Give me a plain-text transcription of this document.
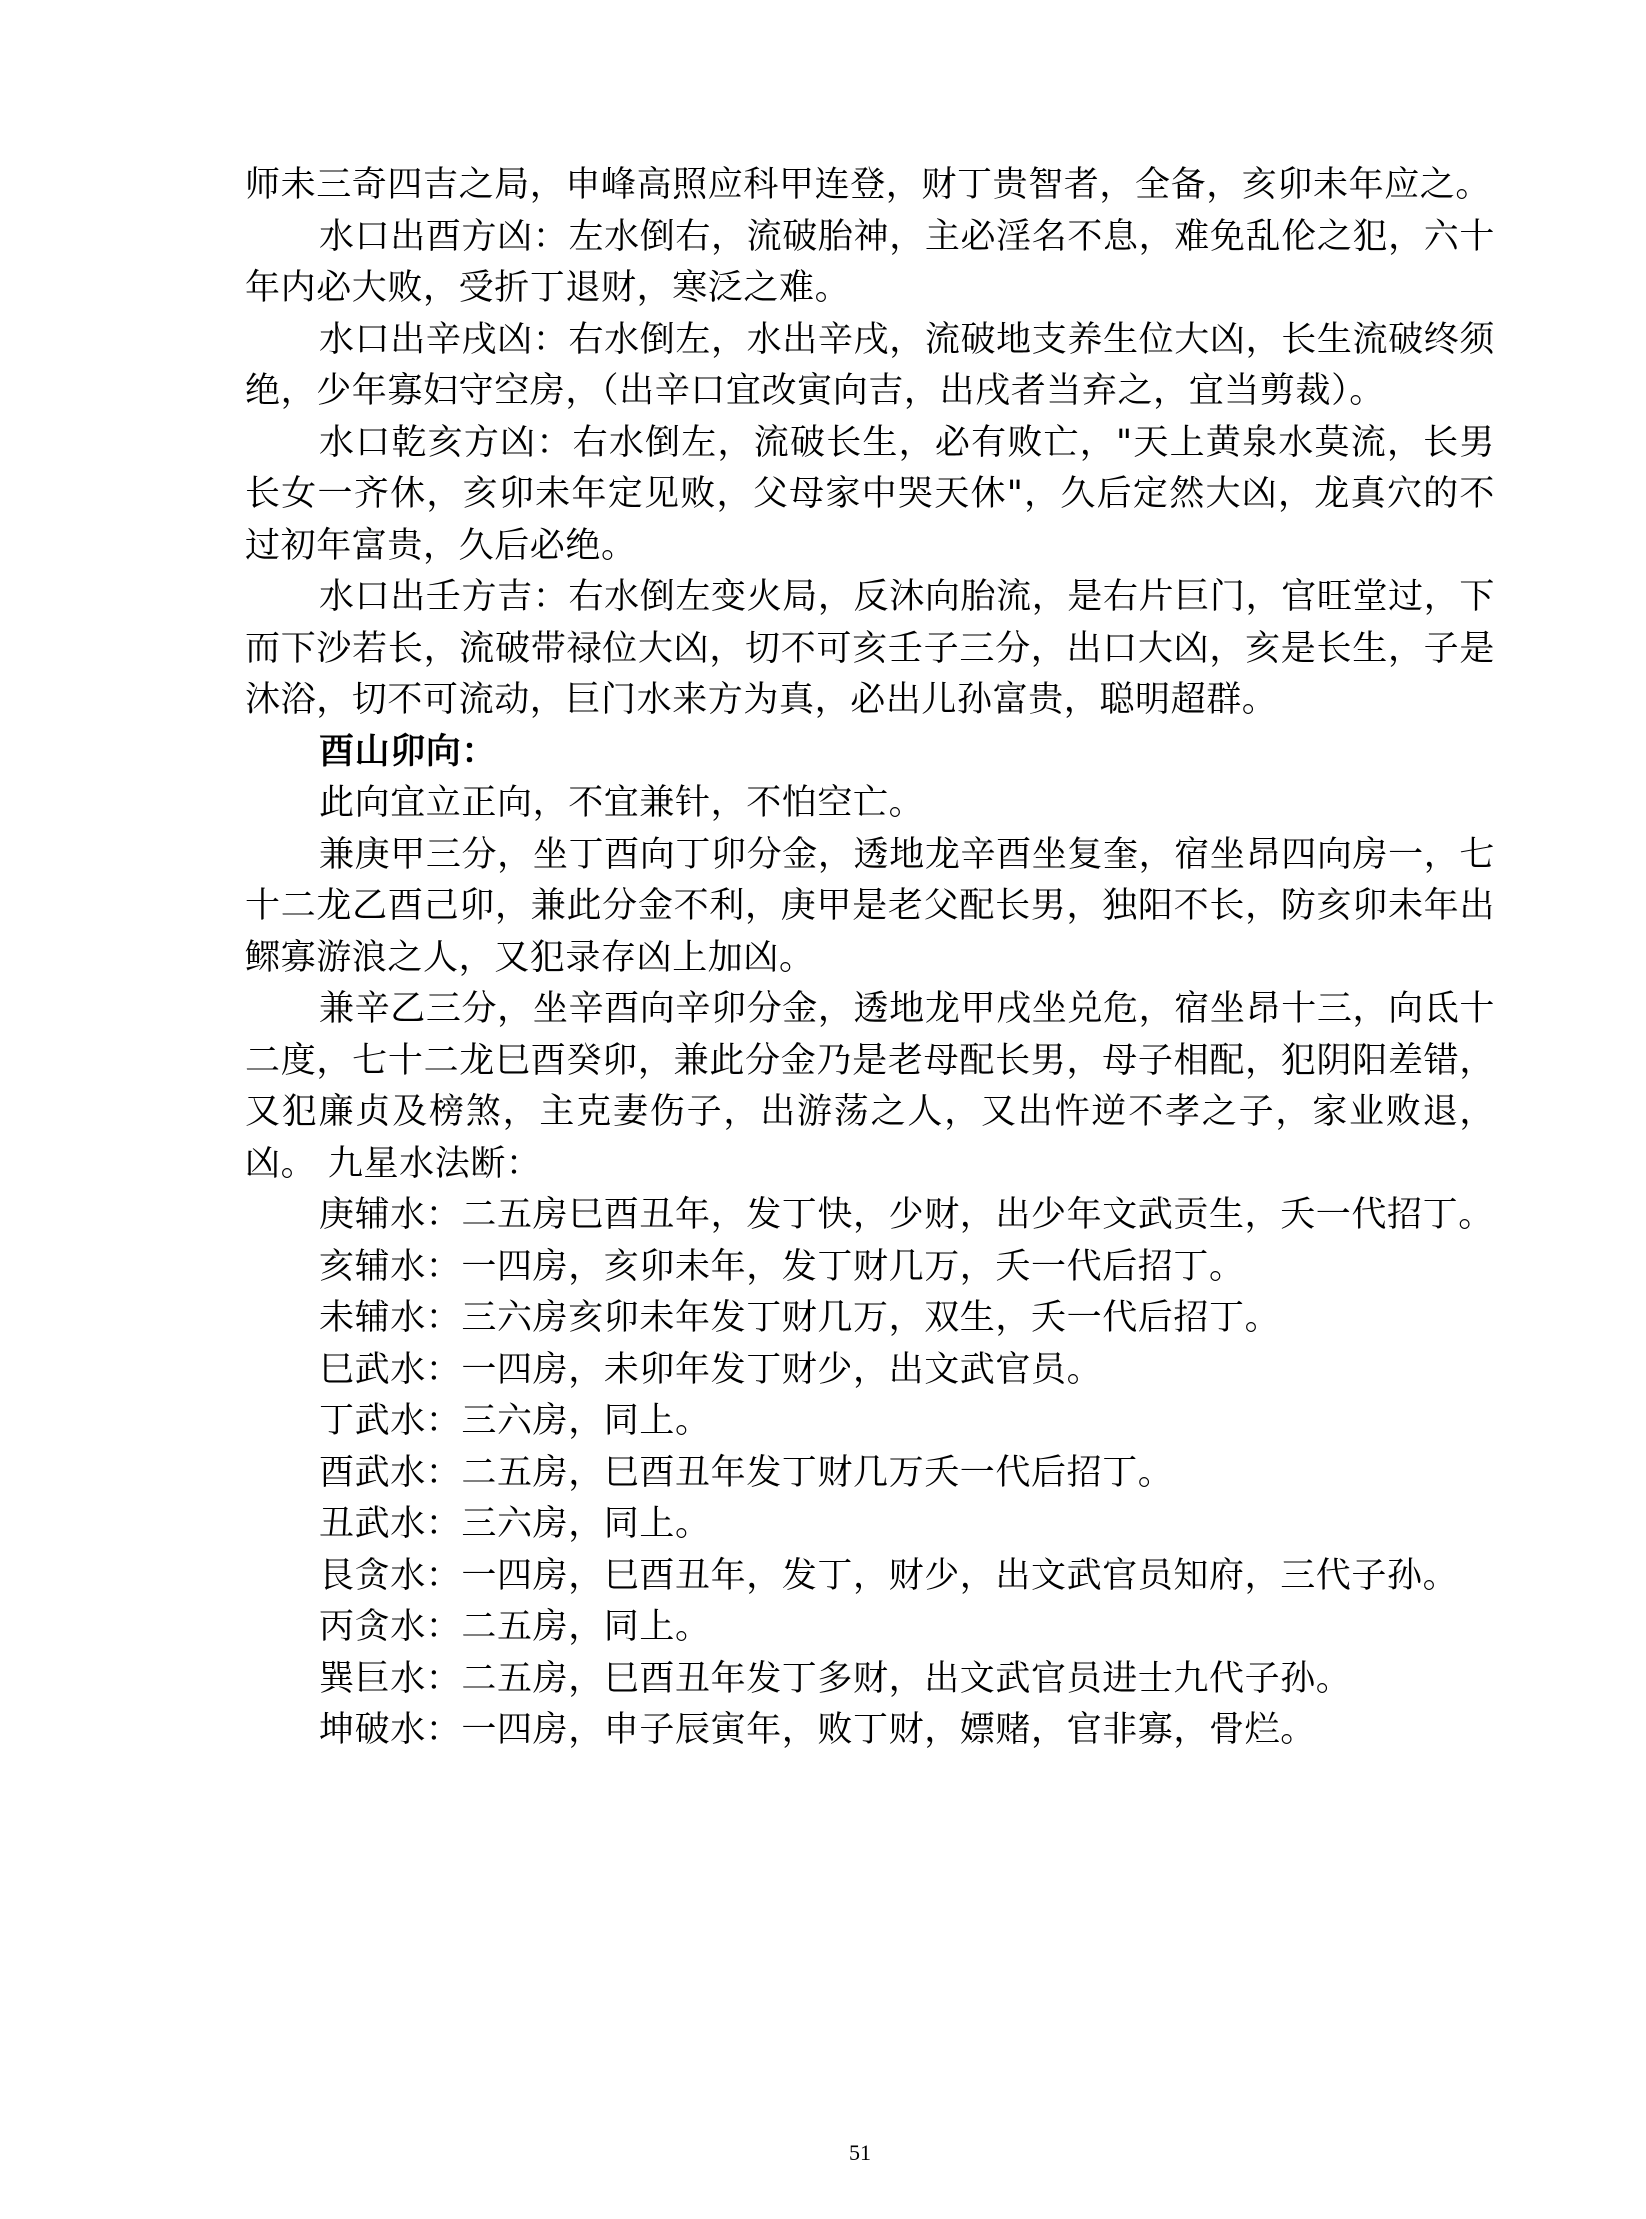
师未三奇四吉之局，申峰高照应科甲连登，财丁贵智者，全备，亥卯未年应之。

水口出酉方凶：左水倒右，流破胎神，主必淫名不息，难免乱伦之犯，六十年内必大败，受折丁退财，寒泛之难。

水口出辛戌凶：右水倒左，水出辛戌，流破地支养生位大凶，长生流破终须绝，少年寡妇守空房，（出辛口宜改寅向吉，出戌者当弃之，宜当剪裁）。

水口乾亥方凶：右水倒左，流破长生，必有败亡，"天上黄泉水莫流，长男长女一齐休，亥卯未年定见败，父母家中哭天休"，久后定然大凶，龙真穴的不过初年富贵，久后必绝。

水口出壬方吉：右水倒左变火局，反沐向胎流，是右片巨门，官旺堂过，下而下沙若长，流破带禄位大凶，切不可亥壬子三分，出口大凶，亥是长生，子是沐浴，切不可流动，巨门水来方为真，必出儿孙富贵，聪明超群。

酉山卯向：

此向宜立正向，不宜兼针，不怕空亡。

兼庚甲三分，坐丁酉向丁卯分金，透地龙辛酉坐复奎，宿坐昂四向房一，七十二龙乙酉己卯，兼此分金不利，庚甲是老父配长男，独阳不长，防亥卯未年出鳏寡游浪之人，又犯录存凶上加凶。

兼辛乙三分，坐辛酉向辛卯分金，透地龙甲戌坐兑危，宿坐昂十三，向氐十二度，七十二龙巳酉癸卯，兼此分金乃是老母配长男，母子相配，犯阴阳差错，又犯廉贞及榜煞，主克妻伤子，出游荡之人，又出忤逆不孝之子，家业败退，凶。 九星水法断：

庚辅水：二五房巳酉丑年，发丁快，少财，出少年文武贡生，夭一代招丁。

亥辅水：一四房，亥卯未年，发丁财几万，夭一代后招丁。

未辅水：三六房亥卯未年发丁财几万，双生，夭一代后招丁。

巳武水：一四房，未卯年发丁财少，出文武官员。

丁武水：三六房，同上。

酉武水：二五房，巳酉丑年发丁财几万夭一代后招丁。

丑武水：三六房，同上。

艮贪水：一四房，巳酉丑年，发丁，财少，出文武官员知府，三代子孙。

丙贪水：二五房，同上。

巽巨水：二五房，巳酉丑年发丁多财，出文武官员进士九代子孙。

坤破水：一四房，申子辰寅年，败丁财，嫖赌，官非寡，骨烂。

51
